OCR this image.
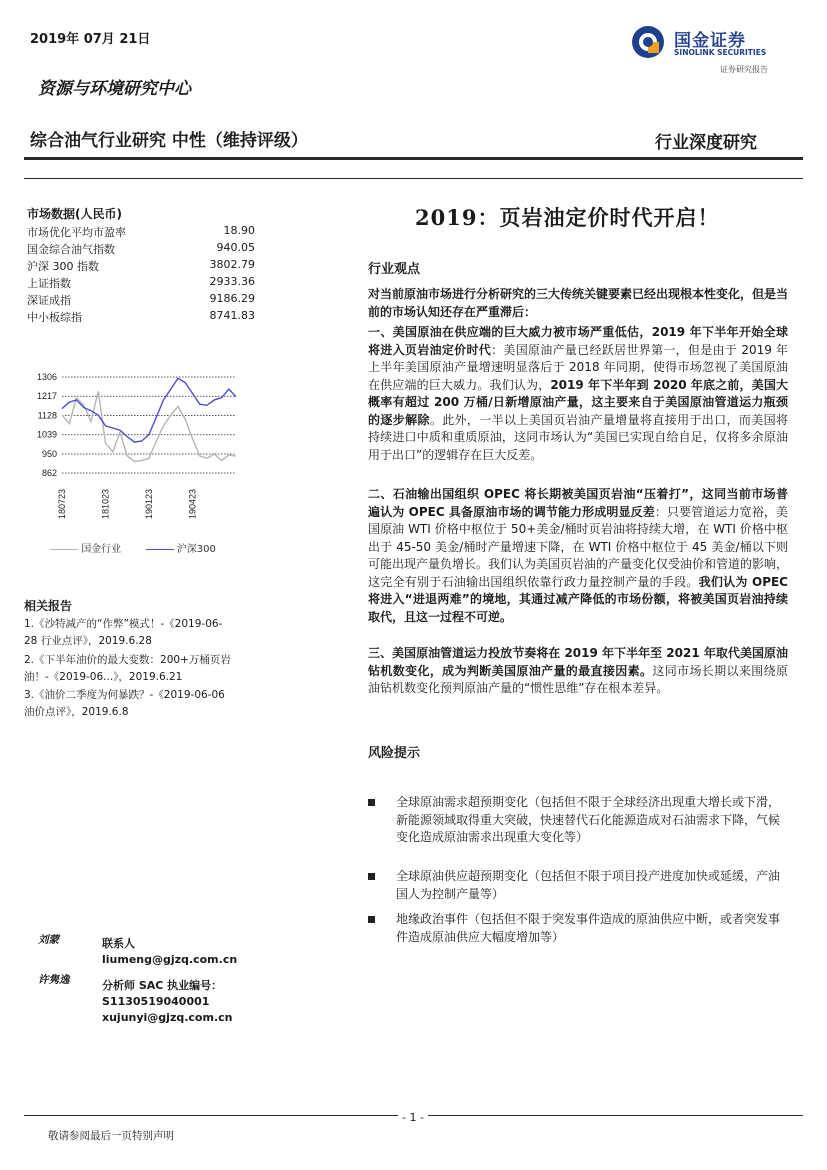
2019年 07月 21日	国金证券
SINOLINK SECURITIES
证券研究报告
资源与环境研究中心
综合油气行业研究 中性（维持评级）	行业深度研究
市场数据(人民币)
市场优化平均市盈率	18.90
国金综合油气指数	940.05
沪深 300 指数	3802.79
上证指数	2933.36
深证成指	9186.29
中小板综指	8741.83
1306
1217
1128
1039
950
862
180723	181023	190123	190423
国金行业	沪深300
相关报告
1.《沙特减产的“作弊”模式！-《2019-06-
28 行业点评》，2019.6.28
2.《下半年油价的最大变数：200+万桶页岩
油！-《2019-06...》，2019.6.21
3.《油价二季度为何暴跌？-《2019-06-06
油价点评》，2019.6.8
刘蒙	联系人
liumeng@gjzq.com.cn
许隽逸	分析师 SAC 执业编号：
S1130519040001
xujunyi@gjzq.com.cn
2019：页岩油定价时代开启！
行业观点
对当前原油市场进行分析研究的三大传统关键要素已经出现根本性变化，但是当前的市场认知还存在严重滞后：
一、美国原油在供应端的巨大威力被市场严重低估，2019 年下半年开始全球将进入页岩油定价时代：美国原油产量已经跃居世界第一，但是由于 2019 年上半年美国原油产量增速明显落后于 2018 年同期，使得市场忽视了美国原油在供应端的巨大威力。我们认为，2019 年下半年到 2020 年底之前，美国大概率有超过 200 万桶/日新增原油产量，这主要来自于美国原油管道运力瓶颈的逐步解除。此外，一半以上美国页岩油产量增量将直接用于出口，而美国将持续进口中质和重质原油，这同市场认为“美国已实现自给自足，仅将多余原油用于出口”的逻辑存在巨大反差。
二、石油输出国组织 OPEC 将长期被美国页岩油“压着打”，这同当前市场普遍认为 OPEC 具备原油市场的调节能力形成明显反差：只要管道运力宽裕，美国原油 WTI 价格中枢位于 50+美金/桶时页岩油将持续大增，在 WTI 价格中枢出于 45-50 美金/桶时产量增速下降，在 WTI 价格中枢位于 45 美金/桶以下则可能出现产量负增长。我们认为美国页岩油的产量变化仅受油价和管道的影响，这完全有别于石油输出国组织依靠行政力量控制产量的手段。我们认为 OPEC 将进入“进退两难”的境地，其通过减产降低的市场份额，将被美国页岩油持续取代，且这一过程不可逆。
三、美国原油管道运力投放节奏将在 2019 年下半年至 2021 年取代美国原油钻机数变化，成为判断美国原油产量的最直接因素。这同市场长期以来围绕原油钻机数变化预判原油产量的“惯性思维”存在根本差异。
风险提示
全球原油需求超预期变化（包括但不限于全球经济出现重大增长或下滑，新能源领域取得重大突破，快速替代石化能源造成对石油需求下降，气候变化造成原油需求出现重大变化等）
全球原油供应超预期变化（包括但不限于项目投产进度加快或延缓，产油国人为控制产量等）
地缘政治事件（包括但不限于突发事件造成的原油供应中断，或者突发事件造成原油供应大幅度增加等）
- 1 -
敬请参阅最后一页特别声明
